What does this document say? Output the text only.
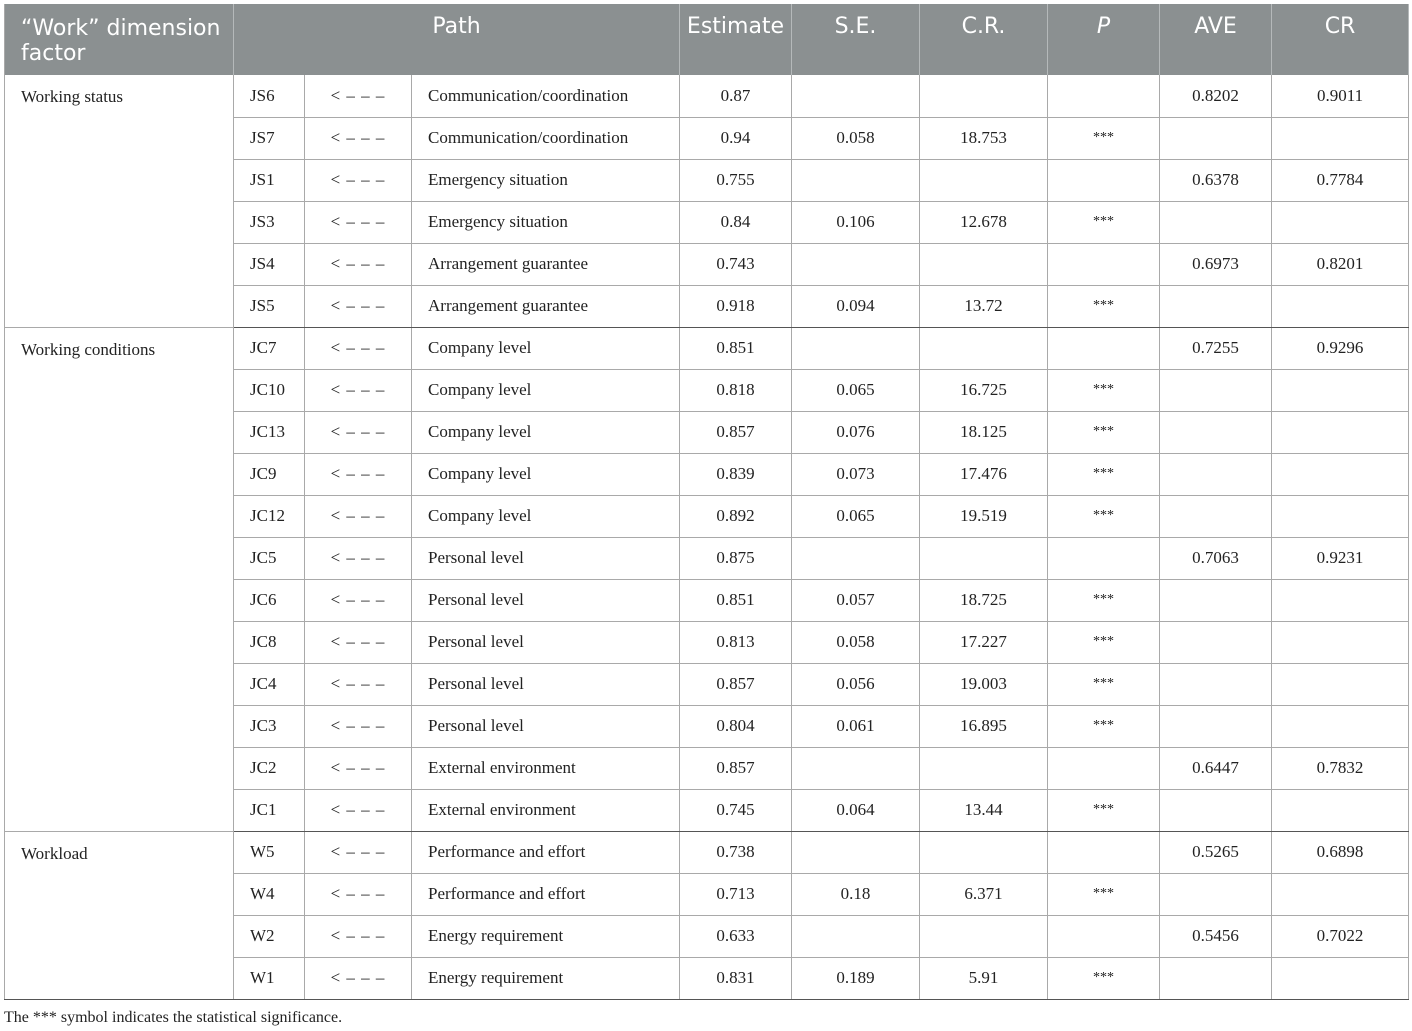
“Work” dimension factor	Path			Estimate	S.E.	C.R.	P	AVE	CR
Working status	JS6	< – – –	Communication/coordination	0.87				0.8202	0.9011
	JS7	< – – –	Communication/coordination	0.94	0.058	18.753	***		
	JS1	< – – –	Emergency situation	0.755				0.6378	0.7784
	JS3	< – – –	Emergency situation	0.84	0.106	12.678	***		
	JS4	< – – –	Arrangement guarantee	0.743				0.6973	0.8201
	JS5	< – – –	Arrangement guarantee	0.918	0.094	13.72	***		
Working conditions	JC7	< – – –	Company level	0.851				0.7255	0.9296
	JC10	< – – –	Company level	0.818	0.065	16.725	***		
	JC13	< – – –	Company level	0.857	0.076	18.125	***		
	JC9	< – – –	Company level	0.839	0.073	17.476	***		
	JC12	< – – –	Company level	0.892	0.065	19.519	***		
	JC5	< – – –	Personal level	0.875				0.7063	0.9231
	JC6	< – – –	Personal level	0.851	0.057	18.725	***		
	JC8	< – – –	Personal level	0.813	0.058	17.227	***		
	JC4	< – – –	Personal level	0.857	0.056	19.003	***		
	JC3	< – – –	Personal level	0.804	0.061	16.895	***		
	JC2	< – – –	External environment	0.857				0.6447	0.7832
	JC1	< – – –	External environment	0.745	0.064	13.44	***		
Workload	W5	< – – –	Performance and effort	0.738				0.5265	0.6898
	W4	< – – –	Performance and effort	0.713	0.18	6.371	***		
	W2	< – – –	Energy requirement	0.633				0.5456	0.7022
	W1	< – – –	Energy requirement	0.831	0.189	5.91	***		
The *** symbol indicates the statistical significance.
